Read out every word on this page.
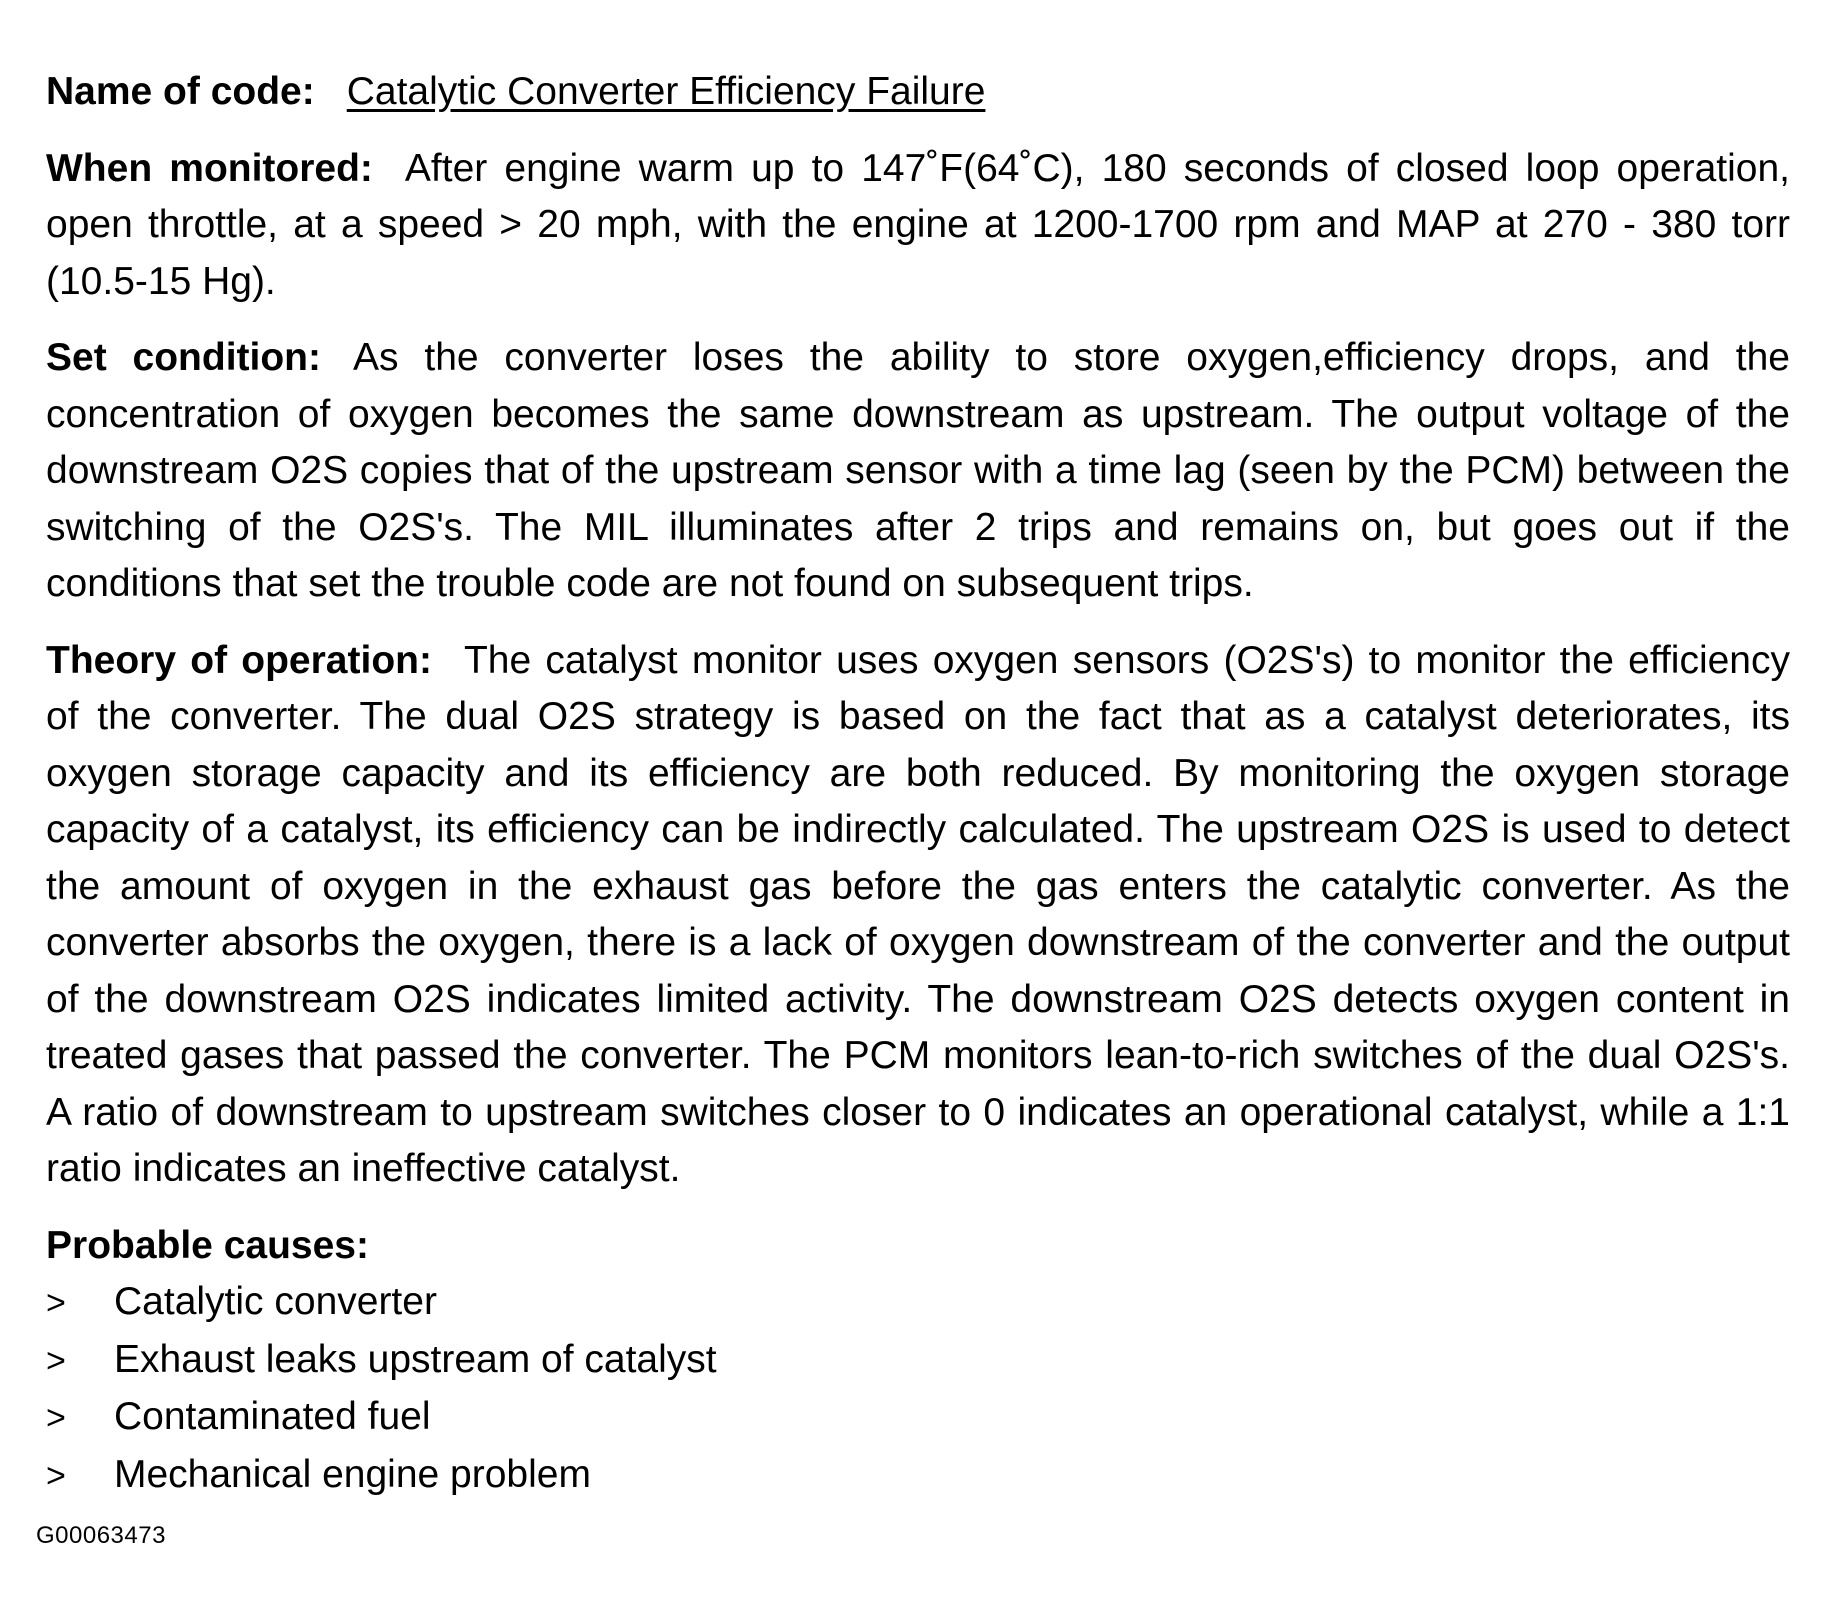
Name of code: Catalytic Converter Efficiency Failure

When monitored: After engine warm up to 147˚F(64˚C), 180 seconds of closed loop operation, open throttle, at a speed > 20 mph, with the engine at 1200-1700 rpm and MAP at 270 - 380 torr (10.5-15 Hg).

Set condition: As the converter loses the ability to store oxygen,efficiency drops, and the concentration of oxygen becomes the same downstream as upstream. The output voltage of the downstream O2S copies that of the upstream sensor with a time lag (seen by the PCM) between the switching of the O2S's. The MIL illuminates after 2 trips and remains on, but goes out if the conditions that set the trouble code are not found on subsequent trips.

Theory of operation: The catalyst monitor uses oxygen sensors (O2S's) to monitor the efficiency of the converter. The dual O2S strategy is based on the fact that as a catalyst deteriorates, its oxygen storage capacity and its efficiency are both reduced. By monitoring the oxygen storage capacity of a catalyst, its efficiency can be indirectly calculated. The upstream O2S is used to detect the amount of oxygen in the exhaust gas before the gas enters the catalytic converter. As the converter absorbs the oxygen, there is a lack of oxygen downstream of the converter and the output of the downstream O2S indicates limited activity. The downstream O2S detects oxygen content in treated gases that passed the converter. The PCM monitors lean-to-rich switches of the dual O2S's. A ratio of downstream to upstream switches closer to 0 indicates an operational catalyst, while a 1:1 ratio indicates an ineffective catalyst.

Probable causes:

>	Catalytic converter
>	Exhaust leaks upstream of catalyst
>	Contaminated fuel
>	Mechanical engine problem
G00063473
